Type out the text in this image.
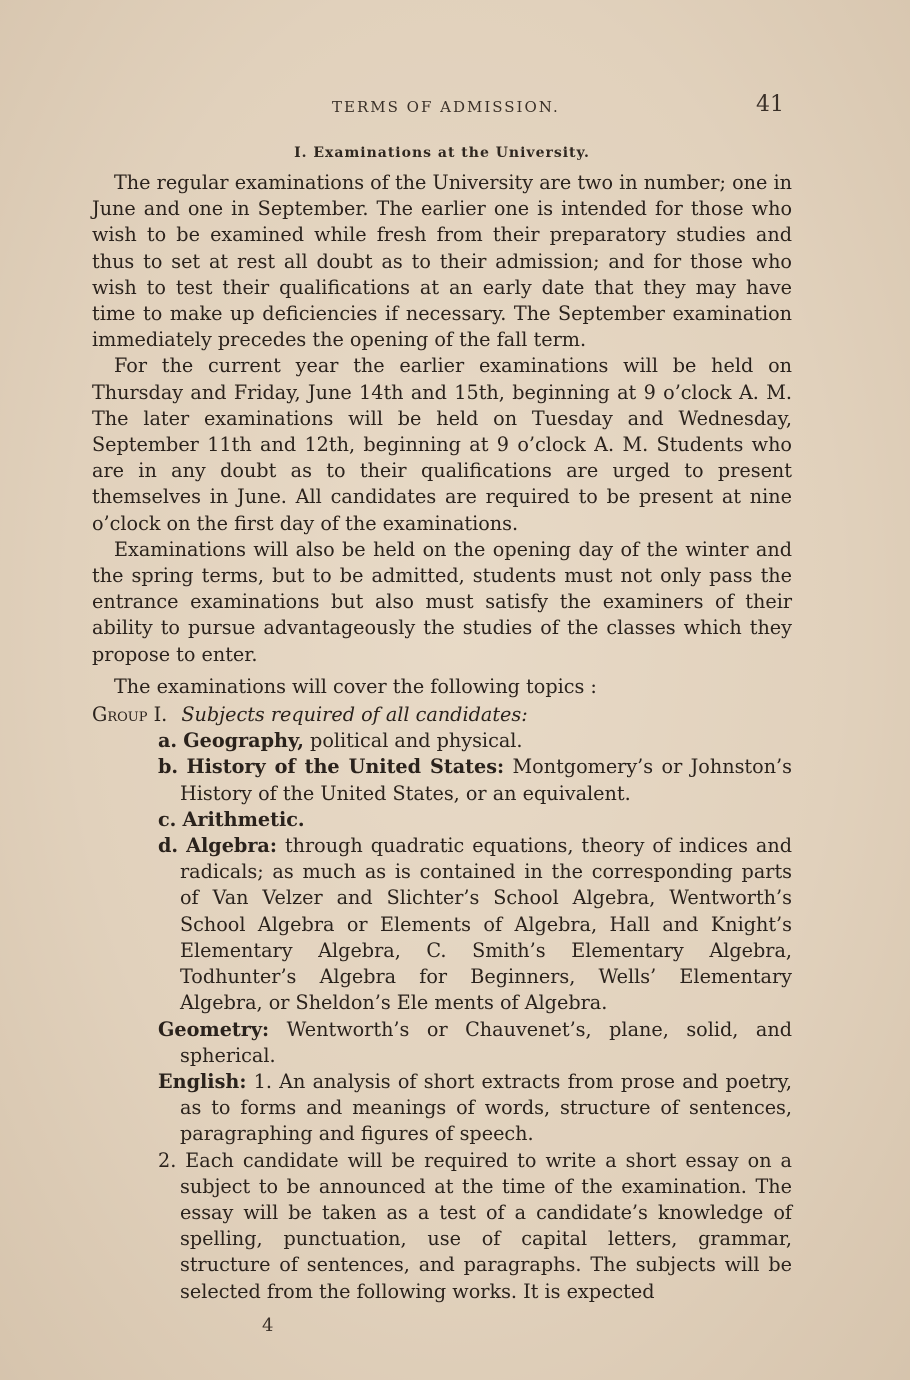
TERMS OF ADMISSION.	41
I. Examinations at the University.

The regular examinations of the University are two in number; one in June and one in September. The earlier one is intended for those who wish to be examined while fresh from their preparatory studies and thus to set at rest all doubt as to their admission; and for those who wish to test their qualifications at an early date that they may have time to make up deficiencies if necessary. The September examination immediately precedes the opening of the fall term.

For the current year the earlier examinations will be held on Thursday and Friday, June 14th and 15th, beginning at 9 o’clock A. M. The later examinations will be held on Tuesday and Wednesday, September 11th and 12th, beginning at 9 o’clock A. M. Students who are in any doubt as to their qualifications are urged to present themselves in June. All candidates are required to be present at nine o’clock on the first day of the examinations.

Examinations will also be held on the opening day of the winter and the spring terms, but to be admitted, students must not only pass the entrance examinations but also must satisfy the examiners of their ability to pursue advantageously the studies of the classes which they propose to enter.

The examinations will cover the following topics :

Group I. Subjects required of all candidates:

a. Geography, political and physical.

b. History of the United States: Montgomery’s or Johnston’s History of the United States, or an equivalent.

c. Arithmetic.

d. Algebra: through quadratic equations, theory of indices and radicals; as much as is contained in the corresponding parts of Van Velzer and Slichter’s School Algebra, Wentworth’s School Algebra or Elements of Algebra, Hall and Knight’s Elementary Algebra, C. Smith’s Elementary Algebra, Todhunter’s Algebra for Beginners, Wells’ Elementary Algebra, or Sheldon’s Ele ments of Algebra.

Geometry: Wentworth’s or Chauvenet’s, plane, solid, and spherical.

English: 1. An analysis of short extracts from prose and poetry, as to forms and meanings of words, structure of sentences, paragraphing and figures of speech.

2. Each candidate will be required to write a short essay on a subject to be announced at the time of the examination. The essay will be taken as a test of a candidate’s knowledge of spelling, punctuation, use of capital letters, grammar, structure of sentences, and paragraphs. The subjects will be selected from the following works. It is expected

4
